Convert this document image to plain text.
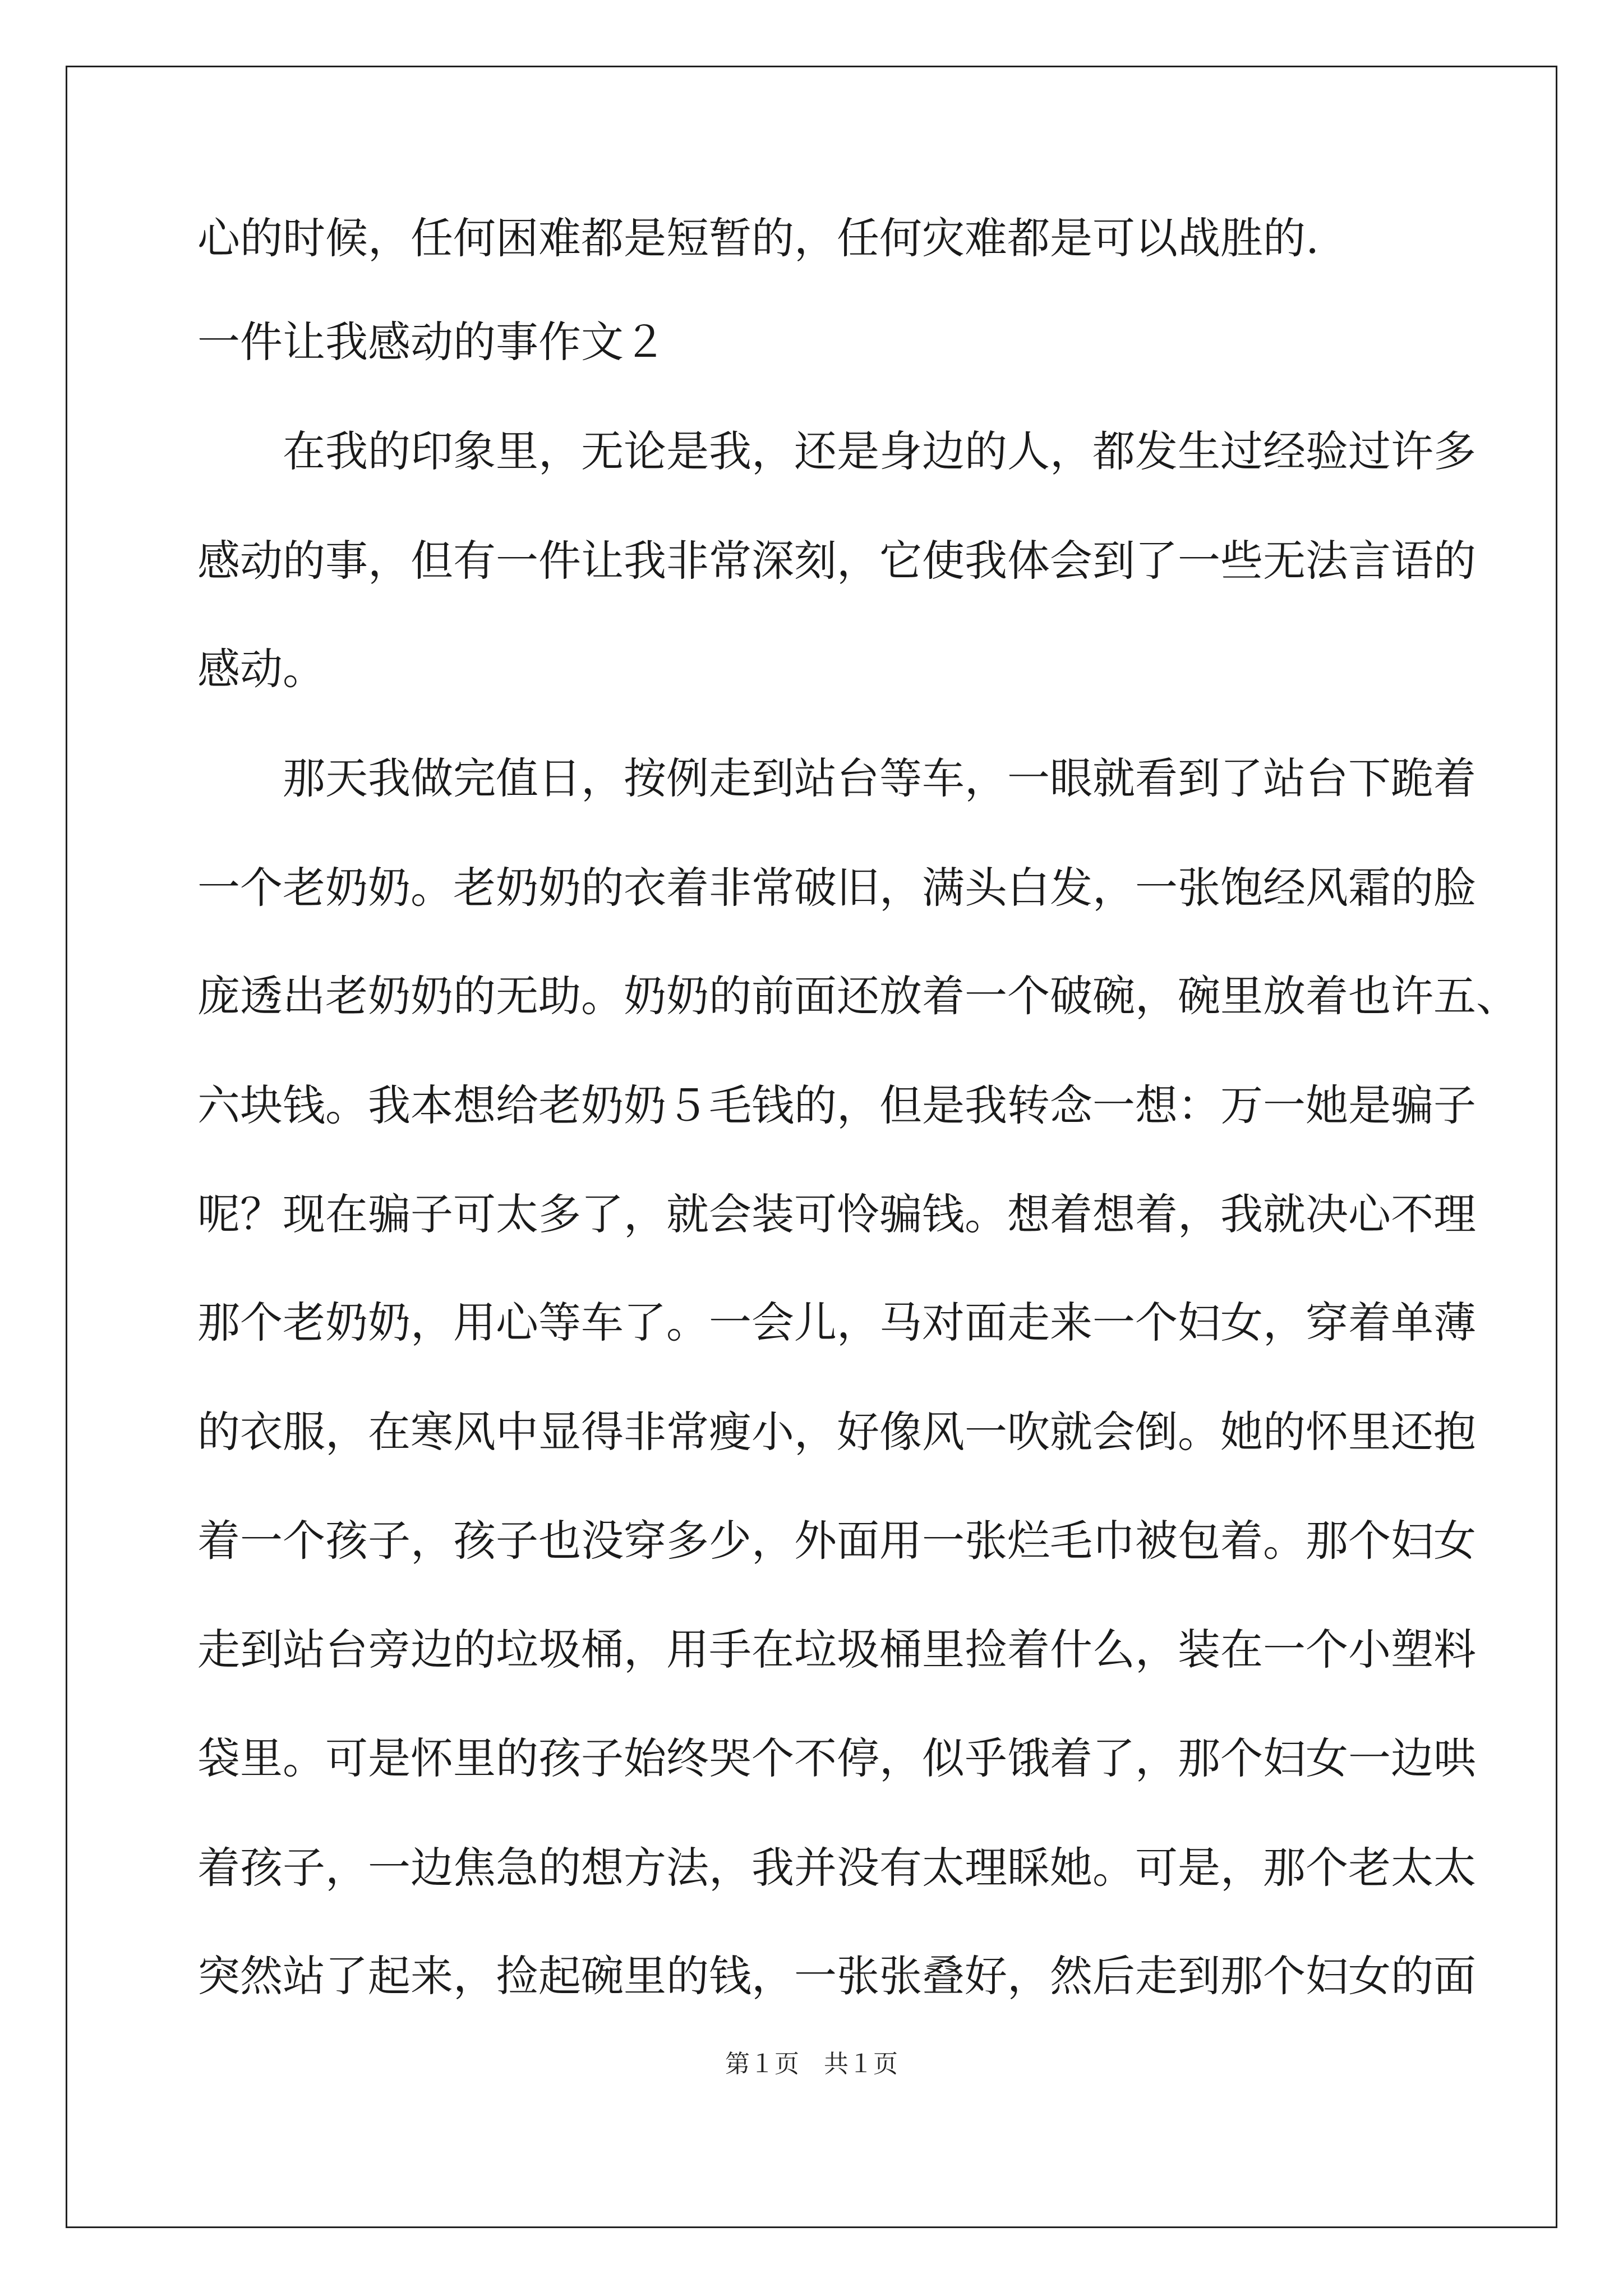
心的时候，任何困难都是短暂的，任何灾难都是可以战胜的.
一件让我感动的事作文２
在我的印象里，无论是我，还是身边的人，都发生过经验过许多
感动的事，但有一件让我非常深刻，它使我体会到了一些无法言语的
感动。
那天我做完值日，按例走到站台等车，一眼就看到了站台下跪着
一个老奶奶。老奶奶的衣着非常破旧，满头白发，一张饱经风霜的脸
庞透出老奶奶的无助。奶奶的前面还放着一个破碗，碗里放着也许五、
六块钱。我本想给老奶奶５毛钱的，但是我转念一想：万一她是骗子
呢？现在骗子可太多了，就会装可怜骗钱。想着想着，我就决心不理
那个老奶奶，用心等车了。一会儿，马对面走来一个妇女，穿着单薄
的衣服，在寒风中显得非常瘦小，好像风一吹就会倒。她的怀里还抱
着一个孩子，孩子也没穿多少，外面用一张烂毛巾被包着。那个妇女
走到站台旁边的垃圾桶，用手在垃圾桶里捡着什么，装在一个小塑料
袋里。可是怀里的孩子始终哭个不停，似乎饿着了，那个妇女一边哄
着孩子，一边焦急的想方法，我并没有太理睬她。可是，那个老太太
突然站了起来，捡起碗里的钱，一张张叠好，然后走到那个妇女的面
第１页 共１页
